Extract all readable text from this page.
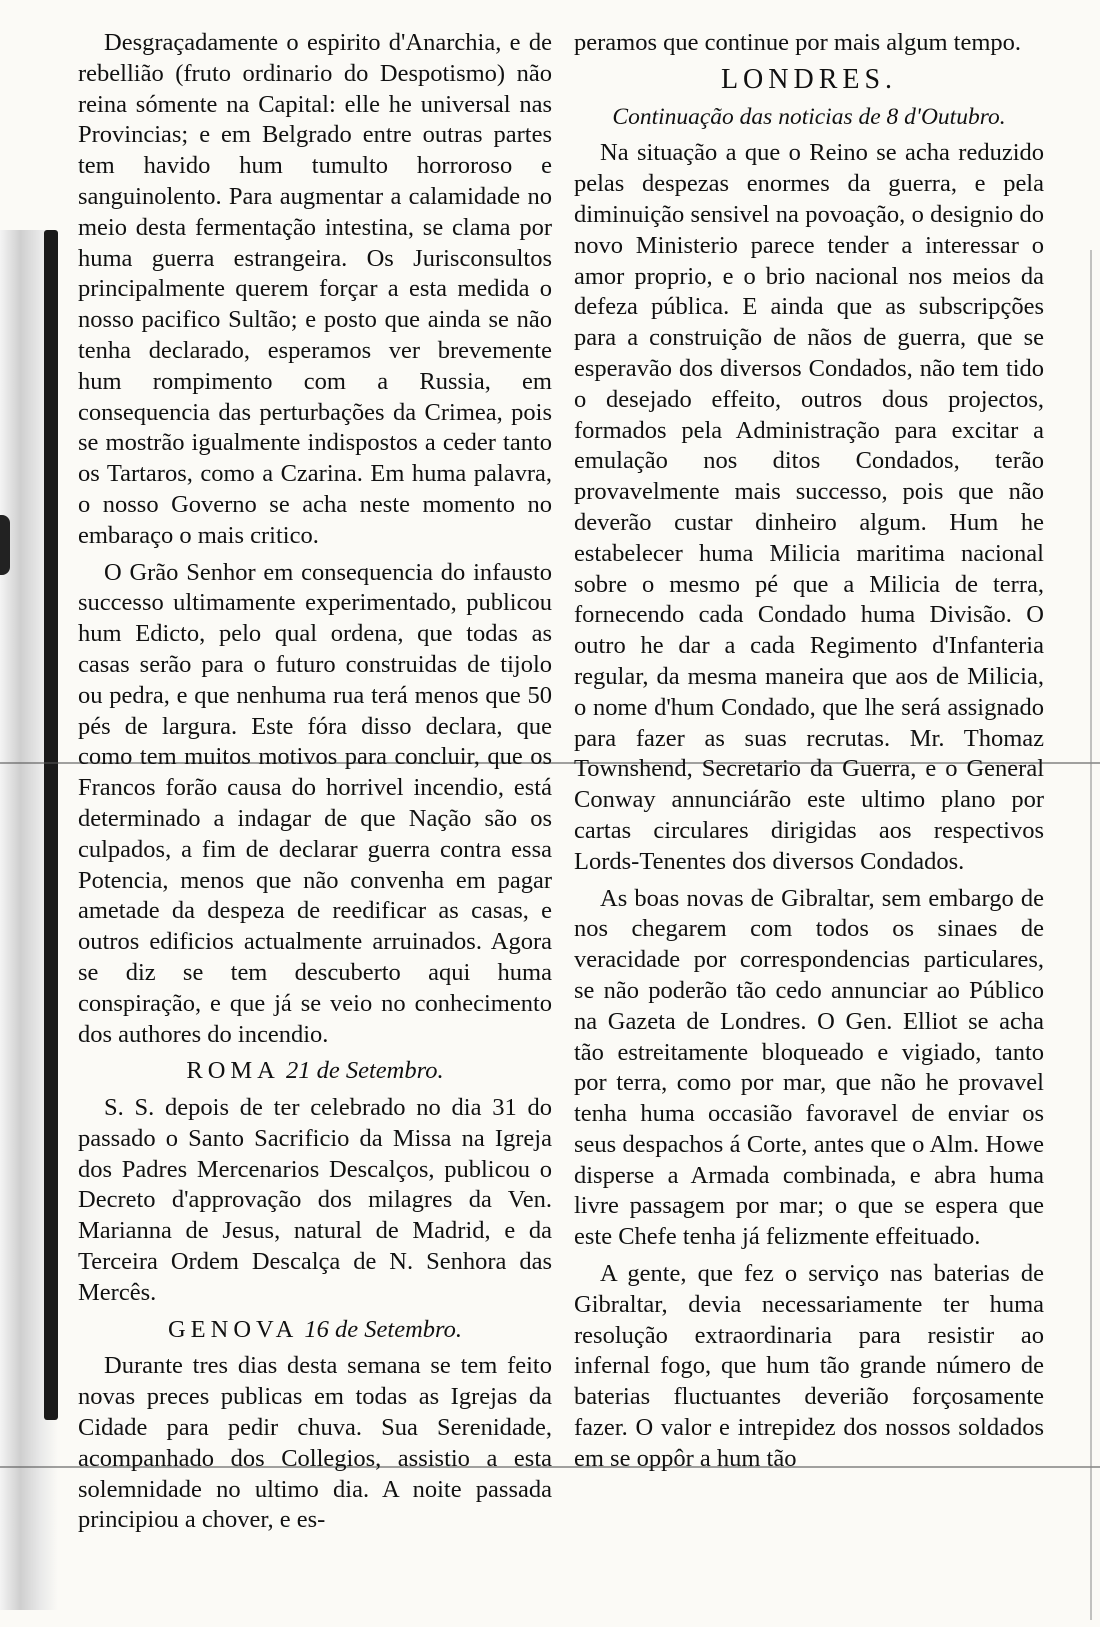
Desgraçadamente o espirito d'Anarchia, e de rebellião (fruto ordinario do Despotismo) não reina sómente na Capital: elle he universal nas Provincias; e em Belgrado entre outras partes tem havido hum tumulto horroroso e sanguinolento. Para augmentar a calamidade no meio desta fermentação intestina, se clama por huma guerra estrangeira. Os Jurisconsultos principalmente querem forçar a esta medida o nosso pacifico Sultão; e posto que ainda se não tenha declarado, esperamos ver brevemente hum rompimento com a Russia, em consequencia das perturbações da Crimea, pois se mostrão igualmente indispostos a ceder tanto os Tartaros, como a Czarina. Em huma palavra, o nosso Governo se acha neste momento no embaraço o mais critico.

O Grão Senhor em consequencia do infausto successo ultimamente experimentado, publicou hum Edicto, pelo qual ordena, que todas as casas serão para o futuro construidas de tijolo ou pedra, e que nenhuma rua terá menos que 50 pés de largura. Este fóra disso declara, que como tem muitos motivos para concluir, que os Francos forão causa do horrivel incendio, está determinado a indagar de que Nação são os culpados, a fim de declarar guerra contra essa Potencia, menos que não convenha em pagar ametade da despeza de reedificar as casas, e outros edificios actualmente arruinados. Agora se diz se tem descuberto aqui huma conspiração, e que já se veio no conhecimento dos authores do incendio.

ROMA 21 de Setembro.

S. S. depois de ter celebrado no dia 31 do passado o Santo Sacrificio da Missa na Igreja dos Padres Mercenarios Descalços, publicou o Decreto d'approvação dos milagres da Ven. Marianna de Jesus, natural de Madrid, e da Terceira Ordem Descalça de N. Senhora das Mercês.

GENOVA 16 de Setembro.

Durante tres dias desta semana se tem feito novas preces publicas em todas as Igrejas da Cidade para pedir chuva. Sua Serenidade, acompanhado dos Collegios, assistio a esta solemnidade no ultimo dia. A noite passada principiou a chover, e es-

peramos que continue por mais algum tempo.

LONDRES.

Continuação das noticias de 8 d'Outubro.

Na situação a que o Reino se acha reduzido pelas despezas enormes da guerra, e pela diminuição sensivel na povoação, o designio do novo Ministerio parece tender a interessar o amor proprio, e o brio nacional nos meios da defeza pública. E ainda que as subscripções para a construição de nãos de guerra, que se esperavão dos diversos Condados, não tem tido o desejado effeito, outros dous projectos, formados pela Administração para excitar a emulação nos ditos Condados, terão provavelmente mais successo, pois que não deverão custar dinheiro algum. Hum he estabelecer huma Milicia maritima nacional sobre o mesmo pé que a Milicia de terra, fornecendo cada Condado huma Divisão. O outro he dar a cada Regimento d'Infanteria regular, da mesma maneira que aos de Milicia, o nome d'hum Condado, que lhe será assignado para fazer as suas recrutas. Mr. Thomaz Townshend, Secretario da Guerra, e o General Conway annunciárão este ultimo plano por cartas circulares dirigidas aos respectivos Lords-Tenentes dos diversos Condados.

As boas novas de Gibraltar, sem embargo de nos chegarem com todos os sinaes de veracidade por correspondencias particulares, se não poderão tão cedo annunciar ao Público na Gazeta de Londres. O Gen. Elliot se acha tão estreitamente bloqueado e vigiado, tanto por terra, como por mar, que não he provavel tenha huma occasião favoravel de enviar os seus despachos á Corte, antes que o Alm. Howe disperse a Armada combinada, e abra huma livre passagem por mar; o que se espera que este Chefe tenha já felizmente effeituado.

A gente, que fez o serviço nas baterias de Gibraltar, devia necessariamente ter huma resolução extraordinaria para resistir ao infernal fogo, que hum tão grande número de baterias fluctuantes deverião forçosamente fazer. O valor e intrepidez dos nossos soldados em se oppôr a hum tão
